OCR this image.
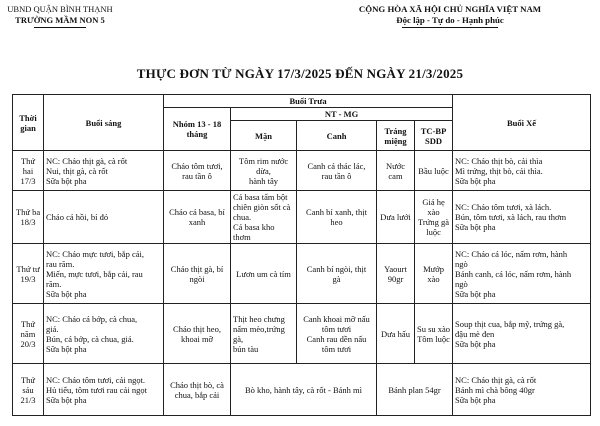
UBND QUẬN BÌNH THẠNH
TRƯỜNG MẦM NON 5
CỘNG HÒA XÃ HỘI CHỦ NGHĨA VIỆT NAM
Độc lập - Tự do - Hạnh phúc
THỰC ĐƠN TỪ NGÀY 17/3/2025 ĐẾN NGÀY 21/3/2025
Thời gian	Buổi sáng	Buổi Trưa					Buổi Xế
		Nhóm 13 - 18 tháng	NT - MG				
			Mặn	Canh	Tráng miệng	TC-BP SDD	

Thứ hai
17/3	NC: Cháo thịt gà, cà rốt
Nui, thịt gà, cà rốt
Sữa bột pha	Cháo tôm tươi,
rau tần ô	Tôm rim nước dừa,
hành tây	Canh cá thác lác,
rau tần ô	Nước
cam	Bầu luộc	NC: Cháo thịt bò, cải thìa
Mì trứng, thịt bò, cải thìa.
Sữa bột pha

Thứ ba
18/3	Cháo cá hồi, bí đỏ	Cháo cá basa, bí
xanh	Cá basa tẩm bột
chiên giòn sốt cà
chua.
Cá basa kho thơm	Canh bí xanh, thịt
heo	Dưa lưới	Giá hẹ xào
Trứng gà
luộc	NC: Cháo tôm tươi, xà lách.
Bún, tôm tươi, xà lách, rau thơm
Sữa bột pha

Thứ tư
19/3	NC: Cháo mực tươi, bắp cải,
rau răm.
Miến, mực tươi, bắp cải, rau
răm.
Sữa bột pha	Cháo thịt gà, bí
ngòi	Lươn um cà tím	Canh bí ngòi, thịt
gà	Yaourt
90gr	Mướp xào	NC: Cháo cá lóc, nấm rơm, hành
ngò
Bánh canh, cá lóc, nấm rơm, hành
ngò
Sữa bột pha

Thứ
năm
20/3	NC: Cháo cá bớp, cà chua,
giá.
Bún, cá bớp, cà chua, giá.
Sữa bột pha	Cháo thịt heo,
khoai mỡ	Thịt heo chưng
nấm mèo,trứng gà,
bún tàu	Canh khoai mỡ nấu
tôm tươi
Canh rau dền nấu
tôm tươi	Dưa hấu	Su su xào
Tôm luộc	Soup thịt cua, bắp mỹ, trứng gà,
đậu mè đen
Sữa bột pha

Thứ sáu
21/3	NC: Cháo tôm tươi, cải ngọt.
Hủ tiếu, tôm tươi rau cải ngọt
Sữa bột pha	Cháo thịt bò, cà
chua, bắp cải	Bò kho, hành tây, cà rốt - Bánh mì		Bánh plan 54gr		NC: Cháo thịt gà, cà rốt
Bánh mì chà bông 40gr
Sữa bột pha
